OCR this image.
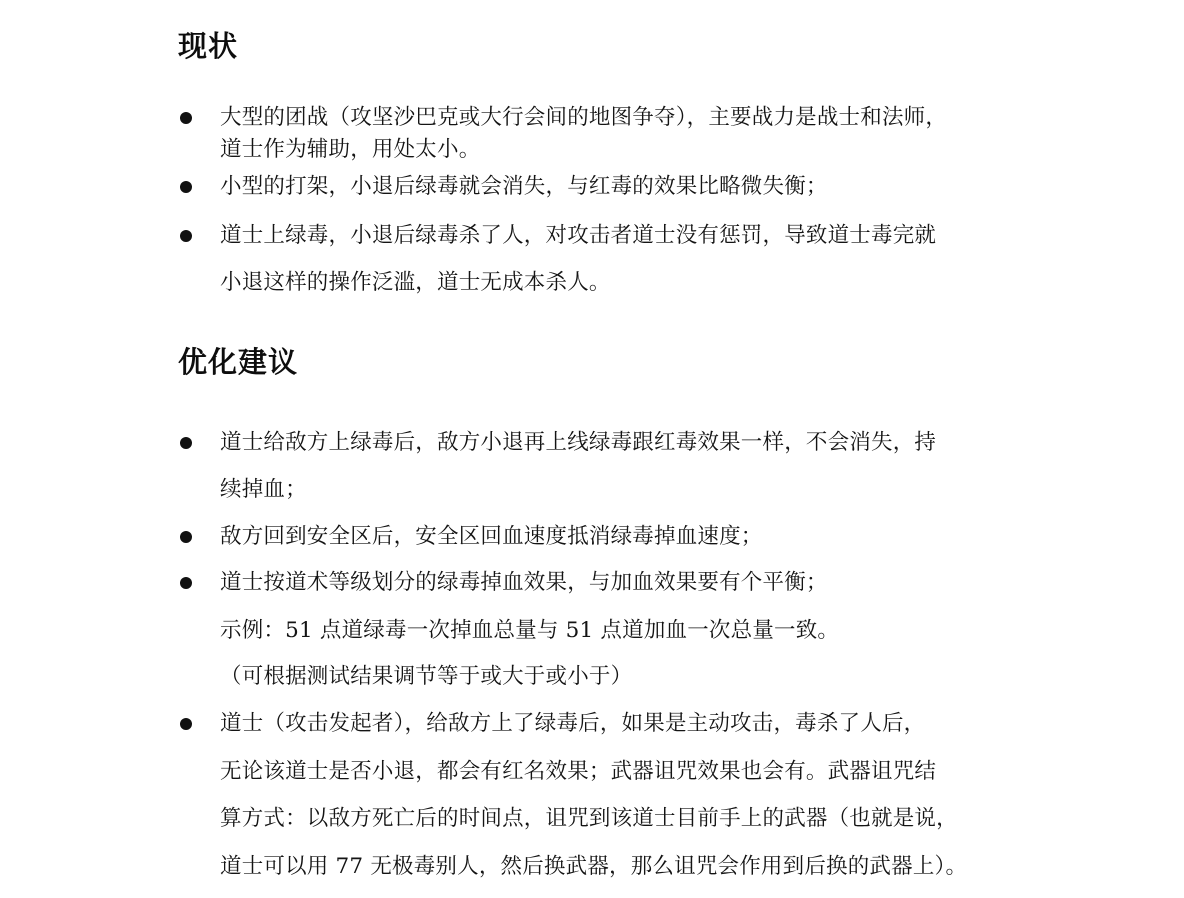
现状
大型的团战（攻坚沙巴克或大行会间的地图争夺），主要战力是战士和法师，
道士作为辅助，用处太小。
小型的打架，小退后绿毒就会消失，与红毒的效果比略微失衡；
道士上绿毒，小退后绿毒杀了人，对攻击者道士没有惩罚，导致道士毒完就
小退这样的操作泛滥，道士无成本杀人。
优化建议
道士给敌方上绿毒后，敌方小退再上线绿毒跟红毒效果一样，不会消失，持
续掉血；
敌方回到安全区后，安全区回血速度抵消绿毒掉血速度；
道士按道术等级划分的绿毒掉血效果，与加血效果要有个平衡；
示例：51 点道绿毒一次掉血总量与 51 点道加血一次总量一致。
（可根据测试结果调节等于或大于或小于）
道士（攻击发起者），给敌方上了绿毒后，如果是主动攻击，毒杀了人后，
无论该道士是否小退，都会有红名效果；武器诅咒效果也会有。武器诅咒结
算方式：以敌方死亡后的时间点，诅咒到该道士目前手上的武器（也就是说，
道士可以用 77 无极毒别人，然后换武器，那么诅咒会作用到后换的武器上）。
